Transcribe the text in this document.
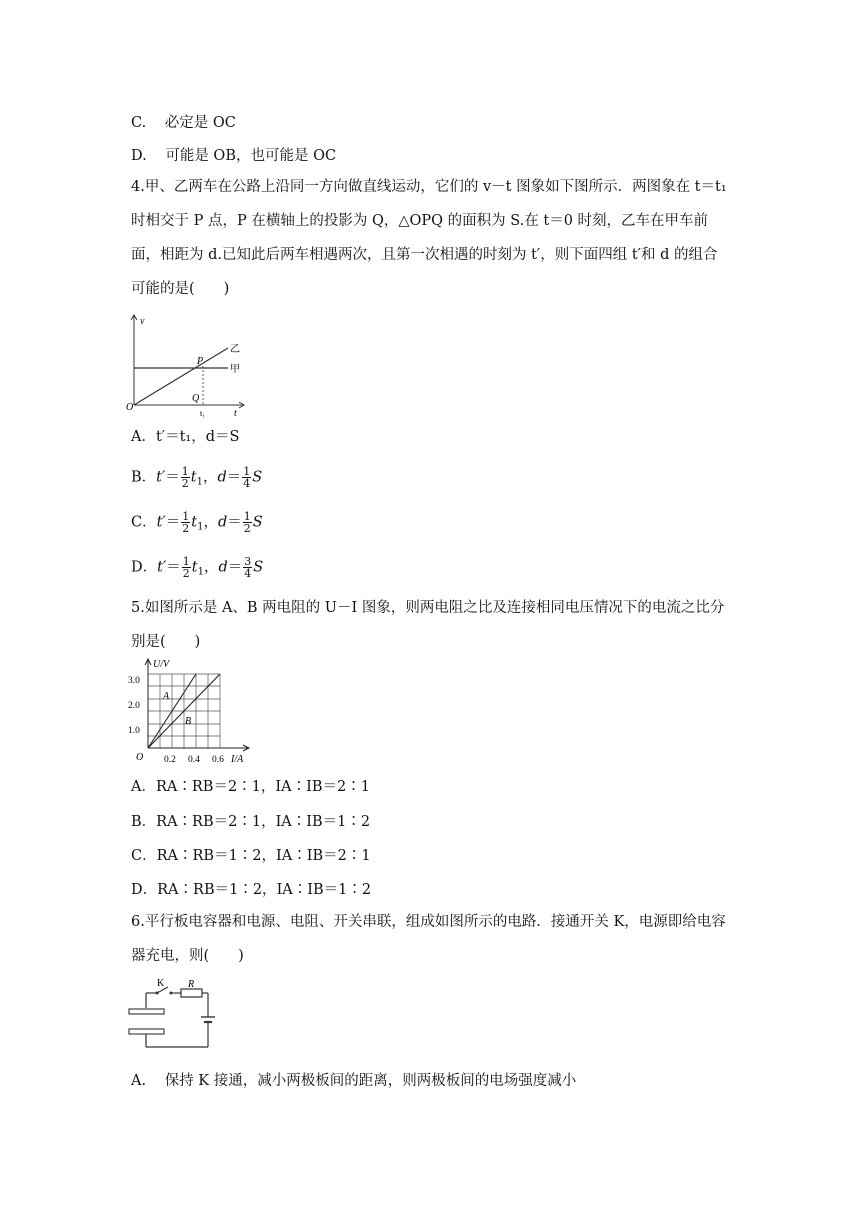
C. 必定是 OC
D. 可能是 OB，也可能是 OC
4.甲、乙两车在公路上沿同一方向做直线运动，它们的 v－t 图象如下图所示．两图象在 t＝t₁时相交于 P 点，P 在横轴上的投影为 Q，△OPQ 的面积为 S.在 t＝0 时刻，乙车在甲车前面，相距为 d.已知此后两车相遇两次，且第一次相遇的时刻为 t′，则下面四组 t′和 d 的组合可能的是(　　)
v
t
O
P
Q
t₁
乙
甲
A．t′＝t₁，d＝S
B．$t'= \frac{1}{2} t_1$，$d= \frac{1}{4}$ S
C．$t'= \frac{1}{2} t_1$，$d= \frac{1}{2}$ S
D．$t'= \frac{1}{2} t_1$，$d= \frac{3}{4}$ S
5.如图所示是 A、B 两电阻的 U－I 图象，则两电阻之比及连接相同电压情况下的电流之比分别是(　　)
U/V
3.0
2.0
1.0
O 0.2 0.4 0.6 I/A
A
B
A．RA∶RB＝2∶1，IA∶IB＝2∶1
B．RA∶RB＝2∶1，IA∶IB＝1∶2
C．RA∶RB＝1∶2，IA∶IB＝2∶1
D．RA∶RB＝1∶2，IA∶IB＝1∶2
6.平行板电容器和电源、电阻、开关串联，组成如图所示的电路．接通开关 K，电源即给电容器充电，则(　　)
K R
A. 保持 K 接通，减小两极板间的距离，则两极板间的电场强度减小
